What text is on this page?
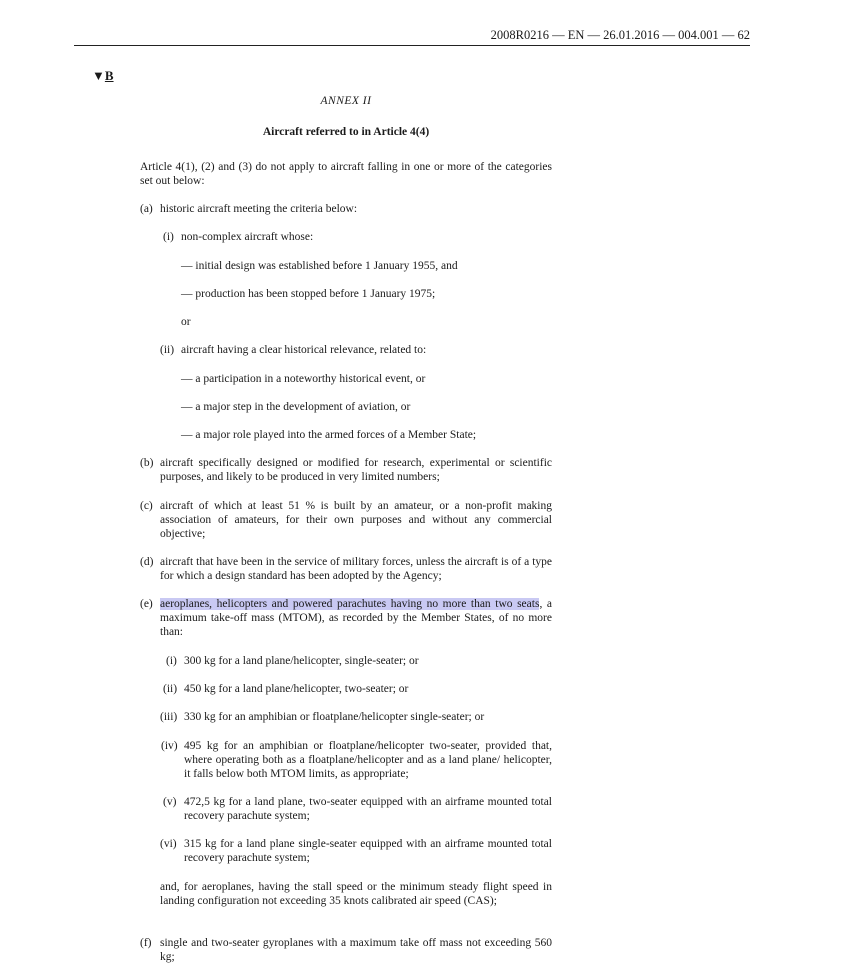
2008R0216 — EN — 26.01.2016 — 004.001 — 62
▼B
ANNEX II
Aircraft referred to in Article 4(4)
Article 4(1), (2) and (3) do not apply to aircraft falling in one or more of the categories set out below:
(a) historic aircraft meeting the criteria below:
(i) non-complex aircraft whose:
— initial design was established before 1 January 1955, and
— production has been stopped before 1 January 1975;
or
(ii) aircraft having a clear historical relevance, related to:
— a participation in a noteworthy historical event, or
— a major step in the development of aviation, or
— a major role played into the armed forces of a Member State;
(b) aircraft specifically designed or modified for research, experimental or scientific purposes, and likely to be produced in very limited numbers;
(c) aircraft of which at least 51 % is built by an amateur, or a non-profit making association of amateurs, for their own purposes and without any commercial objective;
(d) aircraft that have been in the service of military forces, unless the aircraft is of a type for which a design standard has been adopted by the Agency;
(e) aeroplanes, helicopters and powered parachutes having no more than two seats, a maximum take-off mass (MTOM), as recorded by the Member States, of no more than:
(i) 300 kg for a land plane/helicopter, single-seater; or
(ii) 450 kg for a land plane/helicopter, two-seater; or
(iii) 330 kg for an amphibian or floatplane/helicopter single-seater; or
(iv) 495 kg for an amphibian or floatplane/helicopter two-seater, provided that, where operating both as a floatplane/helicopter and as a land plane/ helicopter, it falls below both MTOM limits, as appropriate;
(v) 472,5 kg for a land plane, two-seater equipped with an airframe mounted total recovery parachute system;
(vi) 315 kg for a land plane single-seater equipped with an airframe mounted total recovery parachute system;
and, for aeroplanes, having the stall speed or the minimum steady flight speed in landing configuration not exceeding 35 knots calibrated air speed (CAS);
(f) single and two-seater gyroplanes with a maximum take off mass not exceeding 560 kg;
